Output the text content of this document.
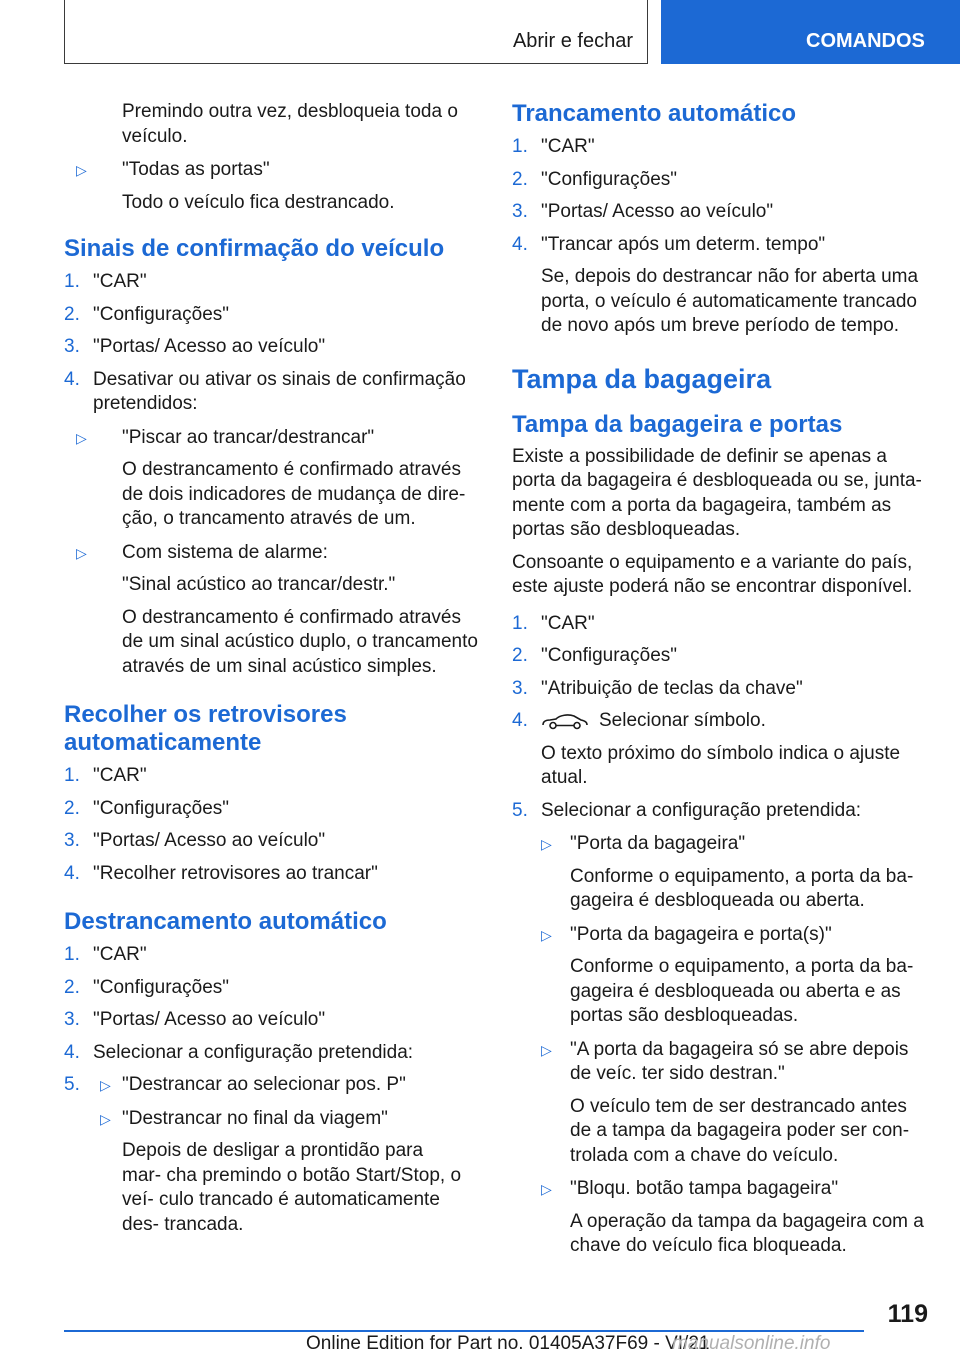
Abrir e fechar	COMANDOS
Premindo outra vez, desbloqueia toda o veículo.
▷ "Todas as portas"
Todo o veículo fica destrancado.
Sinais de confirmação do veículo
1. "CAR"
2. "Configurações"
3. "Portas/ Acesso ao veículo"
4. Desativar ou ativar os sinais de confirmação pretendidos:
▷ "Piscar ao trancar/destrancar"
O destrancamento é confirmado através de dois indicadores de mudança de dire- ção, o trancamento através de um.
▷ Com sistema de alarme:
"Sinal acústico ao trancar/destr."
O destrancamento é confirmado através de um sinal acústico duplo, o trancamento através de um sinal acústico simples.
Recolher os retrovisores automaticamente
1. "CAR"
2. "Configurações"
3. "Portas/ Acesso ao veículo"
4. "Recolher retrovisores ao trancar"
Destrancamento automático
1. "CAR"
2. "Configurações"
3. "Portas/ Acesso ao veículo"
4. Selecionar a configuração pretendida:
5. ▷ "Destrancar ao selecionar pos. P"
▷ "Destrancar no final da viagem"
Depois de desligar a prontidão para mar- cha premindo o botão Start/Stop, o veí- culo trancado é automaticamente des- trancada.
Trancamento automático
1. "CAR"
2. "Configurações"
3. "Portas/ Acesso ao veículo"
4. "Trancar após um determ. tempo"
Se, depois do destrancar não for aberta uma porta, o veículo é automaticamente trancado de novo após um breve período de tempo.
Tampa da bagageira
Tampa da bagageira e portas

Existe a possibilidade de definir se apenas a porta da bagageira é desbloqueada ou se, junta- mente com a porta da bagageira, também as portas são desbloqueadas.

Consoante o equipamento e a variante do país, este ajuste poderá não se encontrar disponível.

1. "CAR"
2. "Configurações"
3. "Atribuição de teclas da chave"
4.	Selecionar símbolo.
O texto próximo do símbolo indica o ajuste atual.
5. Selecionar a configuração pretendida:
▷ "Porta da bagageira"
Conforme o equipamento, a porta da ba- gageira é desbloqueada ou aberta.
▷ "Porta da bagageira e porta(s)"
Conforme o equipamento, a porta da ba- gageira é desbloqueada ou aberta e as portas são desbloqueadas.
▷ "A porta da bagageira só se abre depois de veíc. ter sido destran."
O veículo tem de ser destrancado antes de a tampa da bagageira poder ser con- trolada com a chave do veículo.
▷ "Bloqu. botão tampa bagageira"
A operação da tampa da bagageira com a chave do veículo fica bloqueada.
119
Online Edition for Part no. 01405A37F69 - VI/21
manualsonline.info
